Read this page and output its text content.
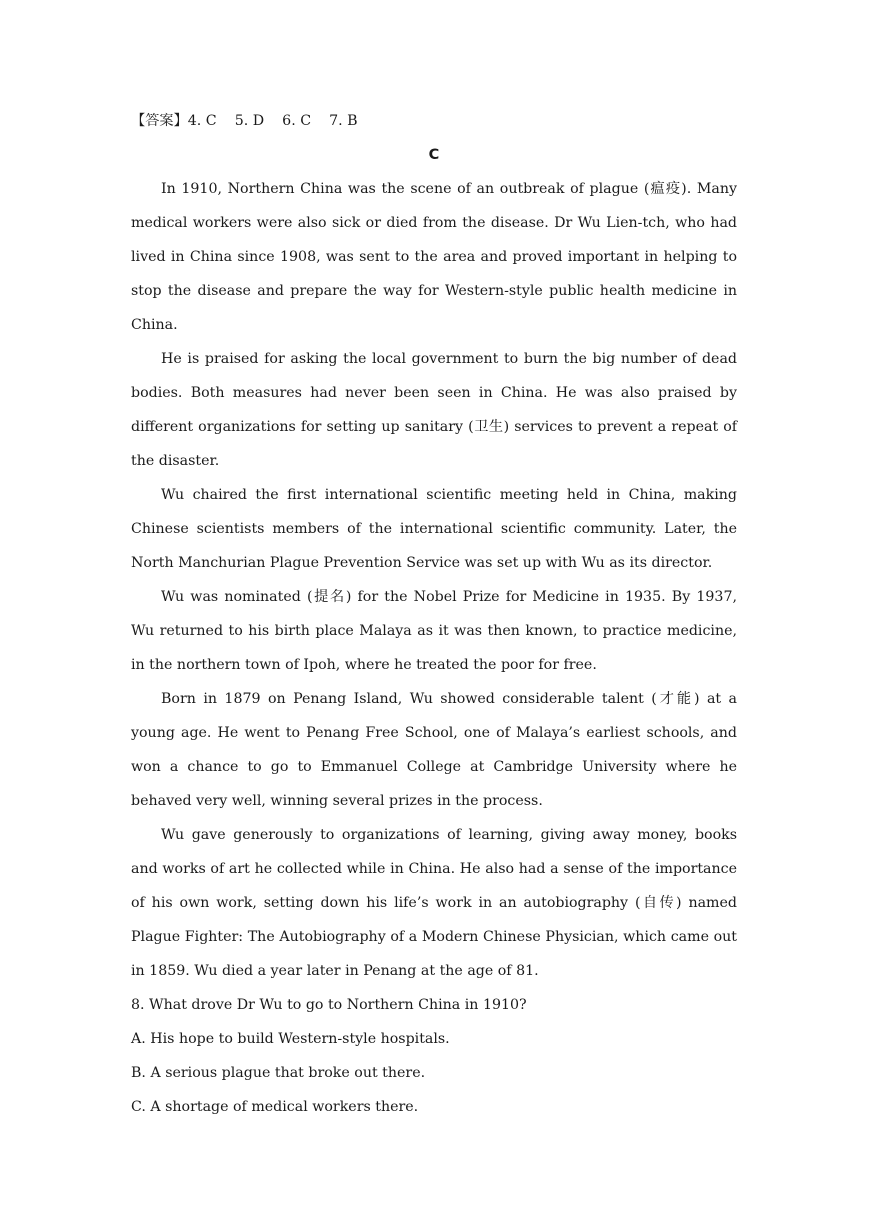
【答案】4. C    5. D    6. C    7. B
C

In 1910, Northern China was the scene of an outbreak of plague (瘟疫). Many medical workers were also sick or died from the disease. Dr Wu Lien-tch, who had lived in China since 1908, was sent to the area and proved important in helping to stop the disease and prepare the way for Western-style public health medicine in China.

He is praised for asking the local government to burn the big number of dead bodies. Both measures had never been seen in China. He was also praised by different organizations for setting up sanitary (卫生) services to prevent a repeat of the disaster.

Wu chaired the first international scientific meeting held in China, making Chinese scientists members of the international scientific community. Later, the North Manchurian Plague Prevention Service was set up with Wu as its director.

Wu was nominated (提名) for the Nobel Prize for Medicine in 1935. By 1937, Wu returned to his birth place Malaya as it was then known, to practice medicine, in the northern town of Ipoh, where he treated the poor for free.

Born in 1879 on Penang Island, Wu showed considerable talent (才能) at a young age. He went to Penang Free School, one of Malaya’s earliest schools, and won a chance to go to Emmanuel College at Cambridge University where he behaved very well, winning several prizes in the process.

Wu gave generously to organizations of learning, giving away money, books and works of art he collected while in China. He also had a sense of the importance of his own work, setting down his life’s work in an autobiography (自传) named Plague Fighter: The Autobiography of a Modern Chinese Physician, which came out in 1859. Wu died a year later in Penang at the age of 81.

8. What drove Dr Wu to go to Northern China in 1910?

A. His hope to build Western-style hospitals.

B. A serious plague that broke out there.

C. A shortage of medical workers there.
